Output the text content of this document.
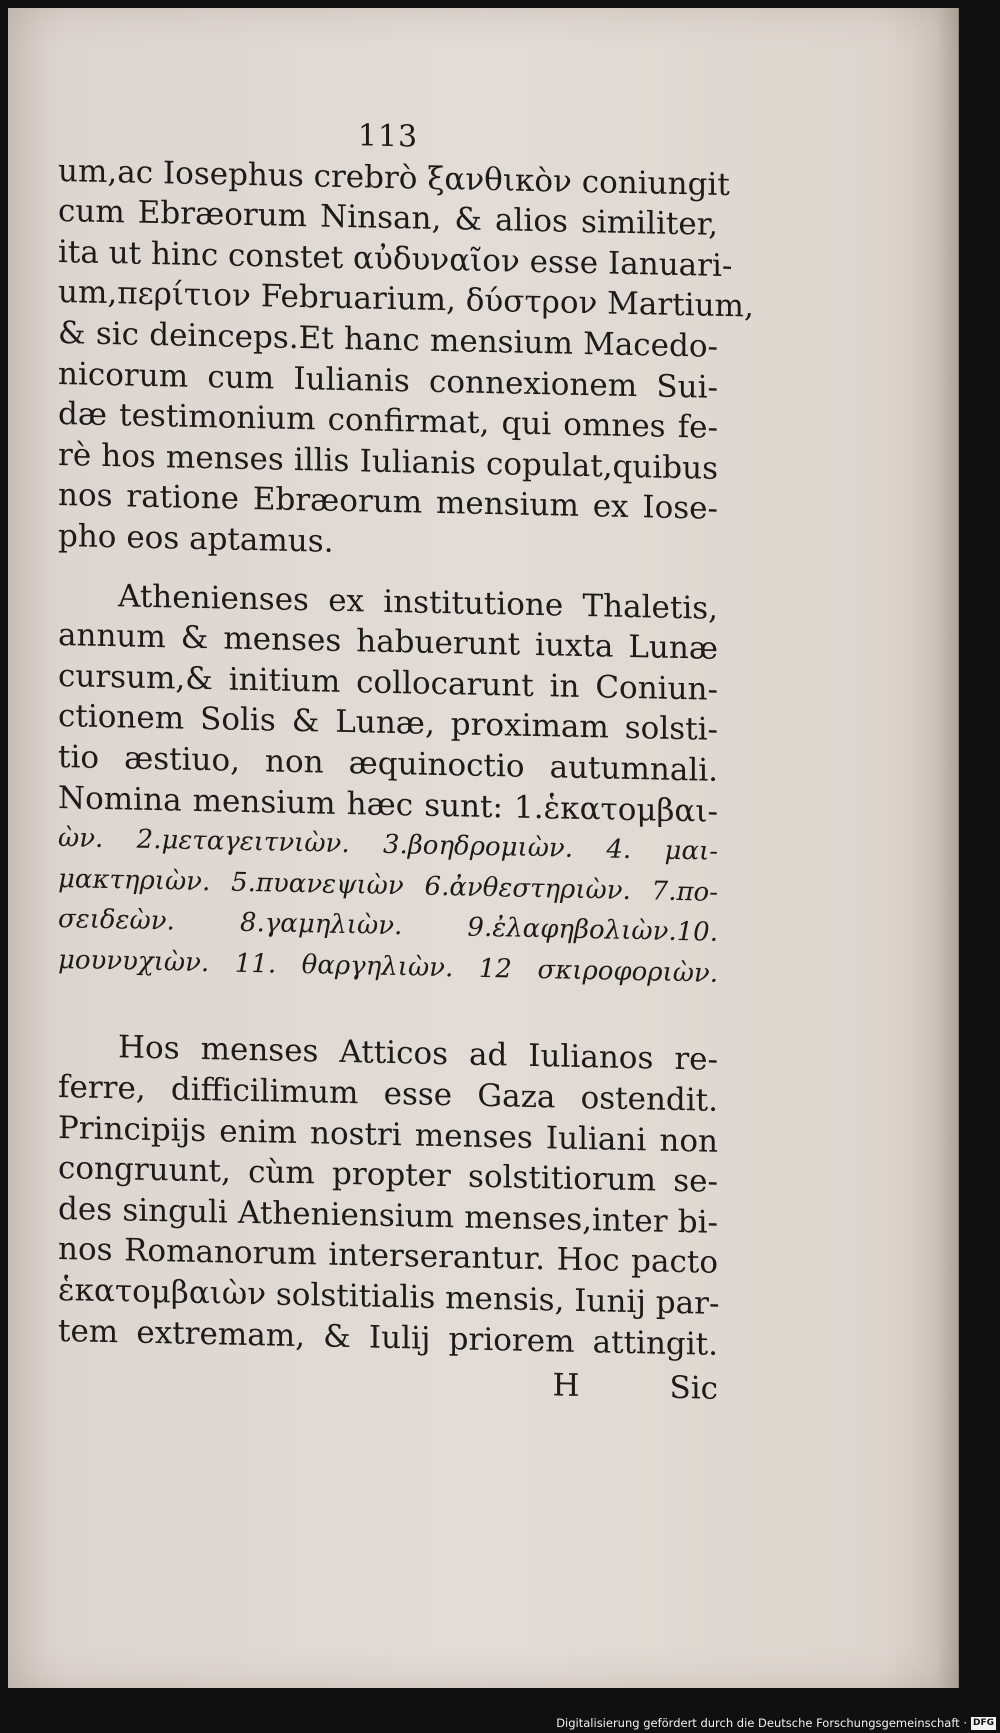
113
um,ac Iosephus crebrò ξανθικὸν coniungit
cum Ebræorum Ninsan, & alios similiter,
ita ut hinc constet αὐδυναῖον esse Ianuari-
um,περίτιον Februarium, δύστρον Martium,
& sic deinceps.Et hanc mensium Macedo-
nicorum cum Iulianis connexionem Sui-
dæ testimonium confirmat, qui omnes fe-
rè hos menses illis Iulianis copulat,quibus
nos ratione Ebræorum mensium ex Iose-
pho eos aptamus.
Athenienses ex institutione Thaletis,
annum & menses habuerunt iuxta Lunæ
cursum,& initium collocarunt in Coniun-
ctionem Solis & Lunæ, proximam solsti-
tio æstiuo, non æquinoctio autumnali.
Nomina mensium hæc sunt: 1.ἑκατομβαι-
ὼν. 2.μεταγειτνιὼν. 3.βοηδρομιὼν. 4. μαι-
μακτηριὼν. 5.πυανεψιὼν 6.ἀνθεστηριὼν. 7.πο-
σειδεὼν. 8.γαμηλιὼν. 9.ἐλαφηβολιὼν.10.
μουνυχιὼν. 11. θαργηλιὼν. 12 σκιροφοριὼν.
Hos menses Atticos ad Iulianos re-
ferre, difficilimum esse Gaza ostendit.
Principijs enim nostri menses Iuliani non
congruunt, cùm propter solstitiorum se-
des singuli Atheniensium menses,inter bi-
nos Romanorum interserantur. Hoc pacto
ἑκατομβαιὼν solstitialis mensis, Iunij par-
tem extremam, & Iulij priorem attingit.
H	Sic
Digitalisierung gefördert durch die Deutsche Forschungsgemeinschaft · DFG
